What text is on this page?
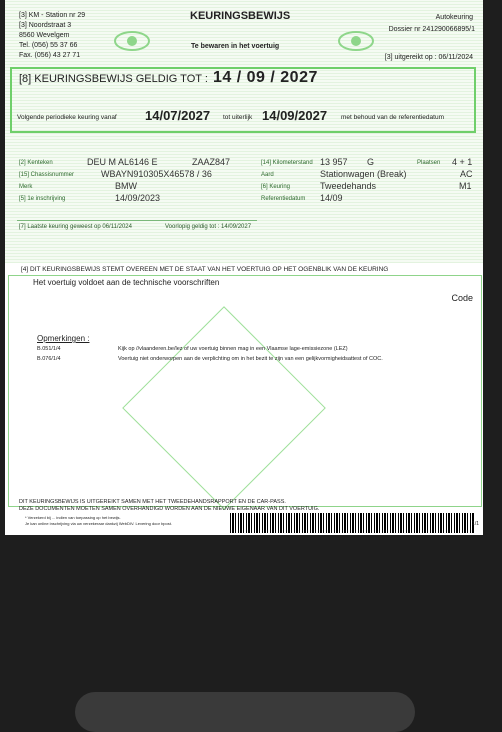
[3] KM - Station nr 29
[3] Noordstraat 3
8560 Wevelgem
Tel. (056) 55 37 66
Fax. (056) 43 27 71
KEURINGSBEWIJS
Te bewaren in het voertuig
Autokeuring
Dossier nr 241290066895/1
[3] uitgereikt op : 06/11/2024
[8] KEURINGSBEWIJS GELDIG TOT : 14 / 09 / 2027
Volgende periodieke keuring vanaf 14/07/2027 tot uiterlijk 14/09/2027 met behoud van de referentiedatum
[2] Kenteken	DEU M AL6146 E	ZAAZ847
[15] Chassisnummer	WBAYN910305X46578 / 36
Merk	BMW
[5] 1e inschrijving	14/09/2023
[14] Kilometerstand 13 957 G	Plaatsen 4 + 1
Aard	Stationwagen (Break)	AC
[6] Keuring	Tweedehands	M1
Referentiedatum 14/09
[7] Laatste keuring geweest op 06/11/2024	Voorlopig geldig tot : 14/09/2027
[4] DIT KEURINGSBEWIJS STEMT OVEREEN MET DE STAAT VAN HET VOERTUIG OP HET OGENBLIK VAN DE KEURING
Het voertuig voldoet aan de technische voorschriften
Code
Opmerkingen :
B.051/1/4	Kijk op //vlaanderen.be/lez of uw voertuig binnen mag in een Vlaamse lage-emissiezone (LEZ)
B.076/1/4	Voertuig niet onderworpen aan de verplichting om in het bezit te zijn van een gelijkvormigheidsattest of COC.
DIT KEURINGSBEWIJS IS UITGEREIKT SAMEN MET HET TWEEDEHANDSRAPPORT EN DE CAR-PASS.
DEZE DOCUMENTEN MOETEN SAMEN OVERHANDIGD WORDEN AAN DE NIEUWE EIGENAAR VAN DIT VOERTUIG.
* Verzekerd bij ... indien van toepassing op het bewijs.
Je kan online inschrijving via uw verzekeraar dankzij WebDIV. Levering door bpost.	1/1
